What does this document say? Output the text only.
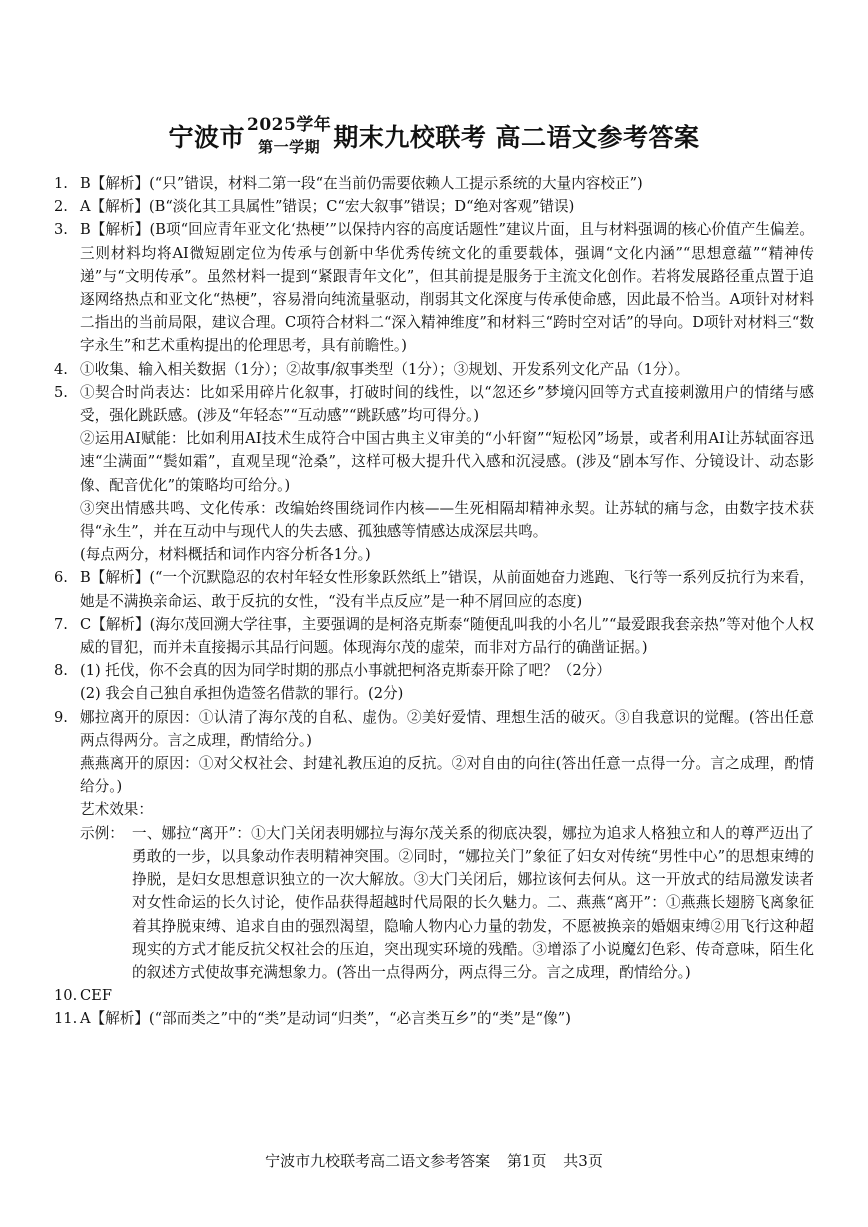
宁波市 2025学年
第一学期 期末九校联考 高二语文参考答案
1. B【解析】(“只”错误，材料二第一段“在当前仍需要依赖人工提示系统的大量内容校正”)
2. A【解析】(B“淡化其工具属性”错误；C“宏大叙事”错误；D“绝对客观”错误)
3. B【解析】(B项“回应青年亚文化‘热梗’”以保持内容的高度话题性”建议片面，且与材料强调的核心价值产生偏差。三则材料均将AI微短剧定位为传承与创新中华优秀传统文化的重要载体，强调“文化内涵”“思想意蕴”“精神传递”与“文明传承”。虽然材料一提到“紧跟青年文化”，但其前提是服务于主流文化创作。若将发展路径重点置于追逐网络热点和亚文化“热梗”，容易滑向纯流量驱动，削弱其文化深度与传承使命感，因此最不恰当。A项针对材料二指出的当前局限，建议合理。C项符合材料二“深入精神维度”和材料三“跨时空对话”的导向。D项针对材料三“数字永生”和艺术重构提出的伦理思考，具有前瞻性。)
4. ①收集、输入相关数据（1分）；②故事/叙事类型（1分）；③规划、开发系列文化产品（1分）。
5. ①契合时尚表达：比如采用碎片化叙事，打破时间的线性，以“忽还乡”梦境闪回等方式直接刺激用户的情绪与感受，强化跳跃感。(涉及“年轻态”“互动感”“跳跃感”均可得分。)
②运用AI赋能：比如利用AI技术生成符合中国古典主义审美的“小轩窗”“短松冈”场景，或者利用AI让苏轼面容迅速“尘满面”“鬓如霜”，直观呈现“沧桑”，这样可极大提升代入感和沉浸感。(涉及“剧本写作、分镜设计、动态影像、配音优化”的策略均可给分。)
③突出情感共鸣、文化传承：改编始终围绕词作内核——生死相隔却精神永契。让苏轼的痛与念，由数字技术获得“永生”，并在互动中与现代人的失去感、孤独感等情感达成深层共鸣。
(每点两分，材料概括和词作内容分析各1分。)
6. B【解析】(“一个沉默隐忍的农村年轻女性形象跃然纸上”错误，从前面她奋力逃跑、飞行等一系列反抗行为来看，她是不满换亲命运、敢于反抗的女性，“没有半点反应”是一种不屑回应的态度)
7. C【解析】(海尔茂回溯大学往事，主要强调的是柯洛克斯泰“随便乱叫我的小名儿”“最爱跟我套亲热”等对他个人权威的冒犯，而并未直接揭示其品行问题。体现海尔茂的虚荣，而非对方品行的确凿证据。)
8. (1) 托伐，你不会真的因为同学时期的那点小事就把柯洛克斯泰开除了吧？（2分）
(2) 我会自己独自承担伪造签名借款的罪行。(2分)
9. 娜拉离开的原因：①认清了海尔茂的自私、虚伪。②美好爱情、理想生活的破灭。③自我意识的觉醒。(答出任意两点得两分。言之成理，酌情给分。)
燕燕离开的原因：①对父权社会、封建礼教压迫的反抗。②对自由的向往(答出任意一点得一分。言之成理，酌情给分。)
艺术效果：
示例： 一、娜拉“离开”：①大门关闭表明娜拉与海尔茂关系的彻底决裂，娜拉为追求人格独立和人的尊严迈出了勇敢的一步，以具象动作表明精神突围。②同时，“娜拉关门”象征了妇女对传统“男性中心”的思想束缚的挣脱，是妇女思想意识独立的一次大解放。③大门关闭后，娜拉该何去何从。这一开放式的结局激发读者对女性命运的长久讨论，使作品获得超越时代局限的长久魅力。二、燕燕“离开”：①燕燕长翅膀飞离象征着其挣脱束缚、追求自由的强烈渴望，隐喻人物内心力量的勃发，不愿被换亲的婚姻束缚②用飞行这种超现实的方式才能反抗父权社会的压迫，突出现实环境的残酷。③增添了小说魔幻色彩、传奇意味，陌生化的叙述方式使故事充满想象力。(答出一点得两分，两点得三分。言之成理，酌情给分。)
10. CEF
11. A【解析】(“部而类之”中的“类”是动词“归类”，“必言类互乡”的“类”是“像”)
宁波市九校联考高二语文参考答案 第1页 共3页
